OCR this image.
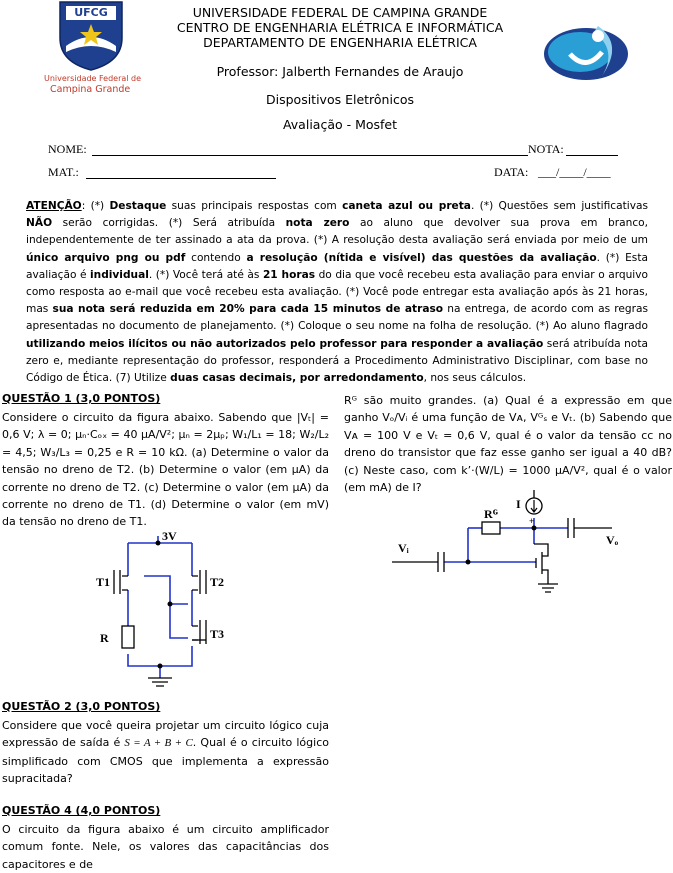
UFCG
Universidade Federal de
Campina Grande
UNIVERSIDADE FEDERAL DE CAMPINA GRANDE
CENTRO DE ENGENHARIA ELÉTRICA E INFORMÁTICA
DEPARTAMENTO DE ENGENHARIA ELÉTRICA
Professor: Jalberth Fernandes de Araujo
Dispositivos Eletrônicos
Avaliação - Mosfet
NOME:	NOTA:
MAT.:	DATA: ___/____/____
ATENÇÃO: (*) Destaque suas principais respostas com caneta azul ou preta. (*) Questões sem justificativas NÃO serão corrigidas. (*) Será atribuída nota zero ao aluno que devolver sua prova em branco, independentemente de ter assinado a ata da prova. (*) A resolução desta avaliação será enviada por meio de um único arquivo png ou pdf contendo a resolução (nítida e visível) das questões da avaliação. (*) Esta avaliação é individual. (*) Você terá até às 21 horas do dia que você recebeu esta avaliação para enviar o arquivo como resposta ao e-mail que você recebeu esta avaliação. (*) Você pode entregar esta avaliação após às 21 horas, mas sua nota será reduzida em 20% para cada 15 minutos de atraso na entrega, de acordo com as regras apresentadas no documento de planejamento. (*) Coloque o seu nome na folha de resolução. (*) Ao aluno flagrado utilizando meios ilícitos ou não autorizados pelo professor para responder a avaliação será atribuída nota zero e, mediante representação do professor, responderá a Procedimento Administrativo Disciplinar, com base no Código de Ética. (7) Utilize duas casas decimais, por arredondamento, nos seus cálculos.
QUESTÃO 1 (3,0 PONTOS)
Considere o circuito da figura abaixo. Sabendo que |Vₜ| = 0,6 V; λ = 0; μₙ·Cₒₓ = 40 μA/V²; μₙ = 2μₚ; W₁/L₁ = 18; W₂/L₂ = 4,5; W₃/L₃ = 0,25 e R = 10 kΩ. (a) Determine o valor da tensão no dreno de T2. (b) Determine o valor (em μA) da corrente no dreno de T2. (c) Determine o valor (em μA) da corrente no dreno de T1. (d) Determine o valor (em mV) da tensão no dreno de T1.
3V
T1	T2
T3
R
QUESTÃO 2 (3,0 PONTOS)
Considere que você queira projetar um circuito lógico cuja expressão de saída é S = A + B + C. Qual é o circuito lógico simplificado com CMOS que implementa a expressão supracitada?
QUESTÃO 4 (4,0 PONTOS)
O circuito da figura abaixo é um circuito amplificador comum fonte. Nele, os valores das capacitâncias dos capacitores e de
Rᴳ são muito grandes. (a) Qual é a expressão em que ganho Vₒ/Vᵢ é uma função de Vᴀ, Vᴳₛ e Vₜ. (b) Sabendo que Vᴀ = 100 V e Vₜ = 0,6 V, qual é o valor da tensão cc no dreno do transistor que faz esse ganho ser igual a 40 dB? (c) Neste caso, com k’·(W/L) = 1000 μA/V², qual é o valor (em mA) de I?
I
+
Rᴳ
Vᵢ
Vₒ
